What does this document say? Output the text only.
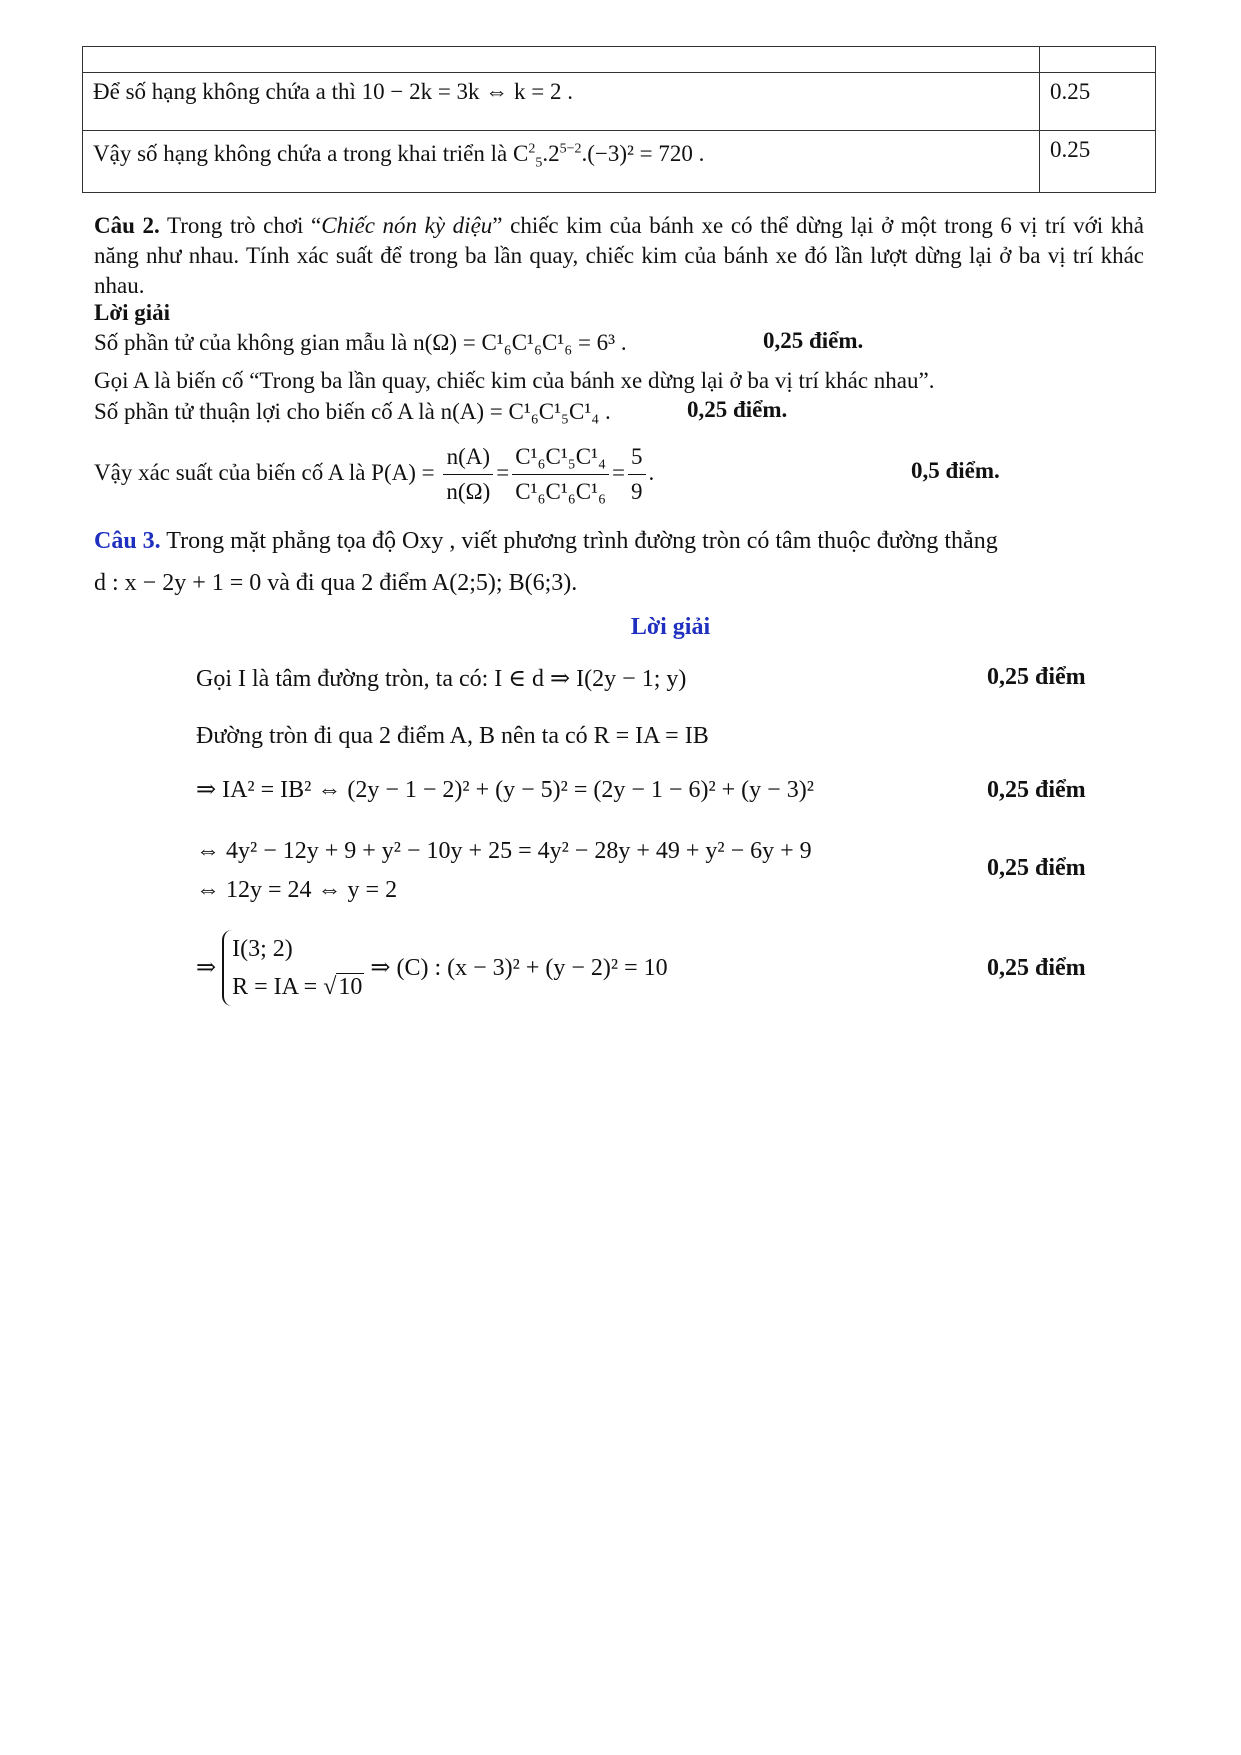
Để số hạng không chứa a thì 10 − 2k = 3k ⇔ k = 2 .	0.25
Vậy số hạng không chứa a trong khai triển là $C^2_5.2^{5-2}.(-3)^2 = 720$ .	0.25
Câu 2. Trong trò chơi “Chiếc nón kỳ diệu” chiếc kim của bánh xe có thể dừng lại ở một trong 6 vị trí với khả năng như nhau. Tính xác suất để trong ba lần quay, chiếc kim của bánh xe đó lần lượt dừng lại ở ba vị trí khác nhau.
Lời giải
Số phần tử của không gian mẫu là n(Ω) = C¹₆C¹₆C¹₆ = 6³ .	0,25 điểm.
Gọi A là biến cố “Trong ba lần quay, chiếc kim của bánh xe dừng lại ở ba vị trí khác nhau”.
Số phần tử thuận lợi cho biến cố A là n(A) = C¹₆C¹₅C¹₄ .	0,25 điểm.
Vậy xác suất của biến cố A là $P(A) = \frac{n(A)}{n(\Omega)} = \frac{\text{C¹₆C¹₅C¹₄}}{\text{C¹₆C¹₆C¹₆}} = \frac{5}{9}$ .	0,5 điểm.
Câu 3. Trong mặt phẳng tọa độ Oxy , viết phương trình đường tròn có tâm thuộc đường thẳng
d : x − 2y + 1 = 0 và đi qua 2 điểm A(2;5); B(6;3).
Lời giải
Gọi I là tâm đường tròn, ta có: I ∈ d ⇒ I(2y − 1; y)	0,25 điểm
Đường tròn đi qua 2 điểm A, B nên ta có R = IA = IB
⇒ IA² = IB² ⇔ (2y − 1 − 2)² + (y − 5)² = (2y − 1 − 6)² + (y − 3)²	0,25 điểm
⇔ 4y² − 12y + 9 + y² − 10y + 25 = 4y² − 28y + 49 + y² − 6y + 9
⇔ 12y = 24 ⇔ y = 2
0,25 điểm
⇒ I(3; 2)
R = IA = √10 ⇒ (C) : (x − 3)² + (y − 2)² = 10	0,25 điểm
